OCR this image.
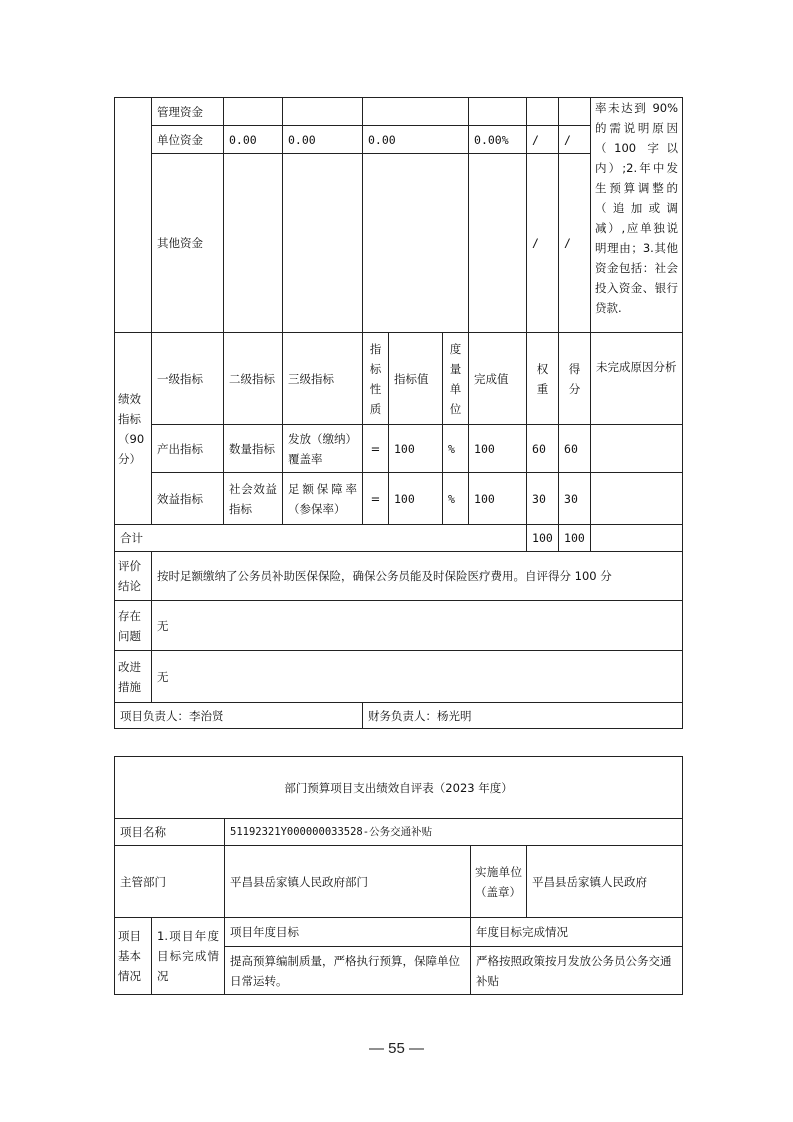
	管理资金									率未达到 90% 的需说明原因（100 字以内）;2.年中发生预算调整的（追加或调减）,应单独说明理由；3.其他资金包括：社会投入资金、银行贷款.
	单位资金	0.00	0.00	0.00			0.00%	/	/	
	其他资金							/	/	
绩效指标（90分）	一级指标	二级指标	三级指标	指标性质	指标值	度量单位	完成值	权重	得分	未完成原因分析
	产出指标	数量指标	发放（缴纳）覆盖率	=	100	%	100	60	60	
	效益指标	社会效益指标	足额保障率（参保率）	=	100	%	100	30	30	
合计								100	100	
评价结论	按时足额缴纳了公务员补助医保保险，确保公务员能及时保险医疗费用。自评得分 100 分									
存在问题	无									
改进措施	无									
项目负责人：李治贤				财务负责人：杨光明						
部门预算项目支出绩效自评表（2023 年度）				
项目名称		51192321Y000000033528-公务交通补贴		
主管部门		平昌县岳家镇人民政府部门	实施单位（盖章）	平昌县岳家镇人民政府
项目基本情况	1.项目年度目标完成情况	项目年度目标	年度目标完成情况	
		提高预算编制质量，严格执行预算，保障单位日常运转。	严格按照政策按月发放公务员公务交通补贴	
— 55 —
